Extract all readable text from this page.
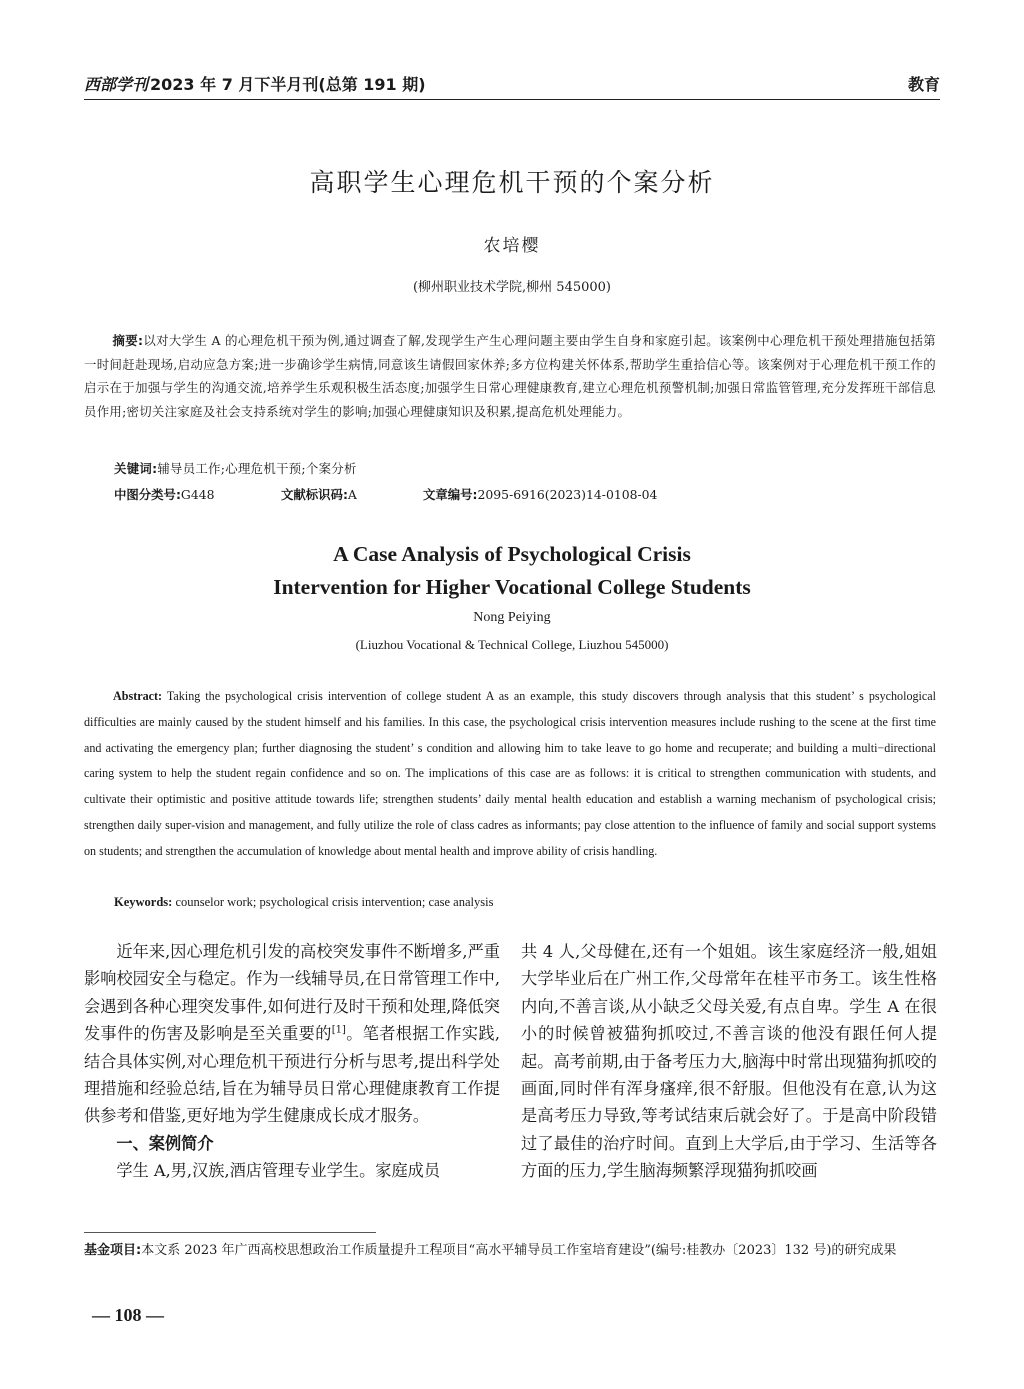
西部学刊 2023 年 7 月下半月刊(总第 191 期)	教育
高职学生心理危机干预的个案分析
农培樱
(柳州职业技术学院,柳州 545000)
摘要:以对大学生 A 的心理危机干预为例,通过调查了解,发现学生产生心理问题主要由学生自身和家庭引起。该案例中心理危机干预处理措施包括第一时间赶赴现场,启动应急方案;进一步确诊学生病情,同意该生请假回家休养;多方位构建关怀体系,帮助学生重拾信心等。该案例对于心理危机干预工作的启示在于加强与学生的沟通交流,培养学生乐观积极生活态度;加强学生日常心理健康教育,建立心理危机预警机制;加强日常监管管理,充分发挥班干部信息员作用;密切关注家庭及社会支持系统对学生的影响;加强心理健康知识及积累,提高危机处理能力。
关键词:辅导员工作;心理危机干预;个案分析
中图分类号:G448	文献标识码:A	文章编号:2095-6916(2023)14-0108-04
A Case Analysis of Psychological Crisis
Intervention for Higher Vocational College Students
Nong Peiying
(Liuzhou Vocational & Technical College, Liuzhou 545000)
Abstract: Taking the psychological crisis intervention of college student A as an example, this study discovers through analysis that this student’ s psychological difficulties are mainly caused by the student himself and his families. In this case, the psychological crisis intervention measures include rushing to the scene at the first time and activating the emergency plan; further diagnosing the student’ s condition and allowing him to take leave to go home and recuperate; and building a multi−directional caring system to help the student regain confidence and so on. The implications of this case are as follows: it is critical to strengthen communication with students, and cultivate their optimistic and positive attitude towards life; strengthen students’ daily mental health education and establish a warning mechanism of psychological crisis; strengthen daily super-vision and management, and fully utilize the role of class cadres as informants; pay close attention to the influence of family and social support systems on students; and strengthen the accumulation of knowledge about mental health and improve ability of crisis handling.
Keywords: counselor work; psychological crisis intervention; case analysis

近年来,因心理危机引发的高校突发事件不断增多,严重影响校园安全与稳定。作为一线辅导员,在日常管理工作中,会遇到各种心理突发事件,如何进行及时干预和处理,降低突发事件的伤害及影响是至关重要的[1]。笔者根据工作实践,结合具体实例,对心理危机干预进行分析与思考,提出科学处理措施和经验总结,旨在为辅导员日常心理健康教育工作提供参考和借鉴,更好地为学生健康成长成才服务。

一、案例简介

学生 A,男,汉族,酒店管理专业学生。家庭成员

共 4 人,父母健在,还有一个姐姐。该生家庭经济一般,姐姐大学毕业后在广州工作,父母常年在桂平市务工。该生性格内向,不善言谈,从小缺乏父母关爱,有点自卑。学生 A 在很小的时候曾被猫狗抓咬过,不善言谈的他没有跟任何人提起。高考前期,由于备考压力大,脑海中时常出现猫狗抓咬的画面,同时伴有浑身瘙痒,很不舒服。但他没有在意,认为这是高考压力导致,等考试结束后就会好了。于是高中阶段错过了最佳的治疗时间。直到上大学后,由于学习、生活等各方面的压力,学生脑海频繁浮现猫狗抓咬画

基金项目:本文系 2023 年广西高校思想政治工作质量提升工程项目“高水平辅导员工作室培育建设”(编号:桂教办〔2023〕132 号)的研究成果
— 108 —
